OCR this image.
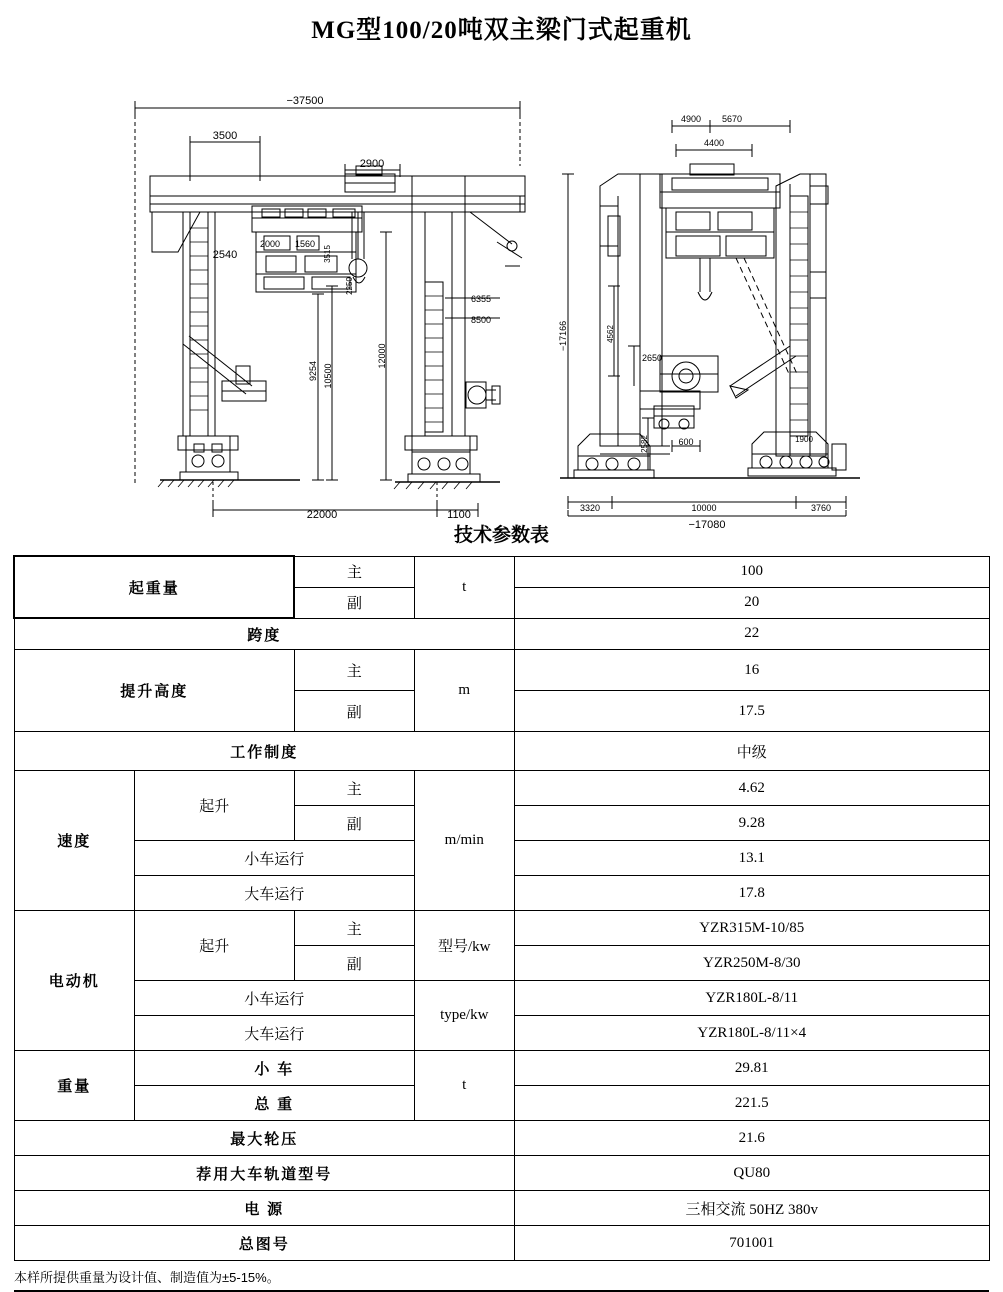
MG型100/20吨双主梁门式起重机
−37500
3500
2900
2540
2000 1560
3515
2250
6355
8500
9254 10500
12000
22000	1100
4900 5670
4400
−17166	4562
2650
2582	600	1900
3320	10000	3760
−17080
技术参数表
起重量		主	t	100
		副		20
跨度				22
提升高度		主	m	16
		副		17.5
工作制度				中级
速度	起升	主	m/min	4.62
		副		9.28
	小车运行			13.1
	大车运行			17.8
电动机	起升	主	型号/kw	YZR315M-10/85
		副		YZR250M-8/30
	小车运行		type/kw	YZR180L-8/11
	大车运行			YZR180L-8/11×4
重量	小 车		t	29.81
	总 重			221.5
最大轮压				21.6
荐用大车轨道型号				QU80
电 源				三相交流 50HZ 380v
总图号				701001
本样所提供重量为设计值、制造值为±5-15%。
